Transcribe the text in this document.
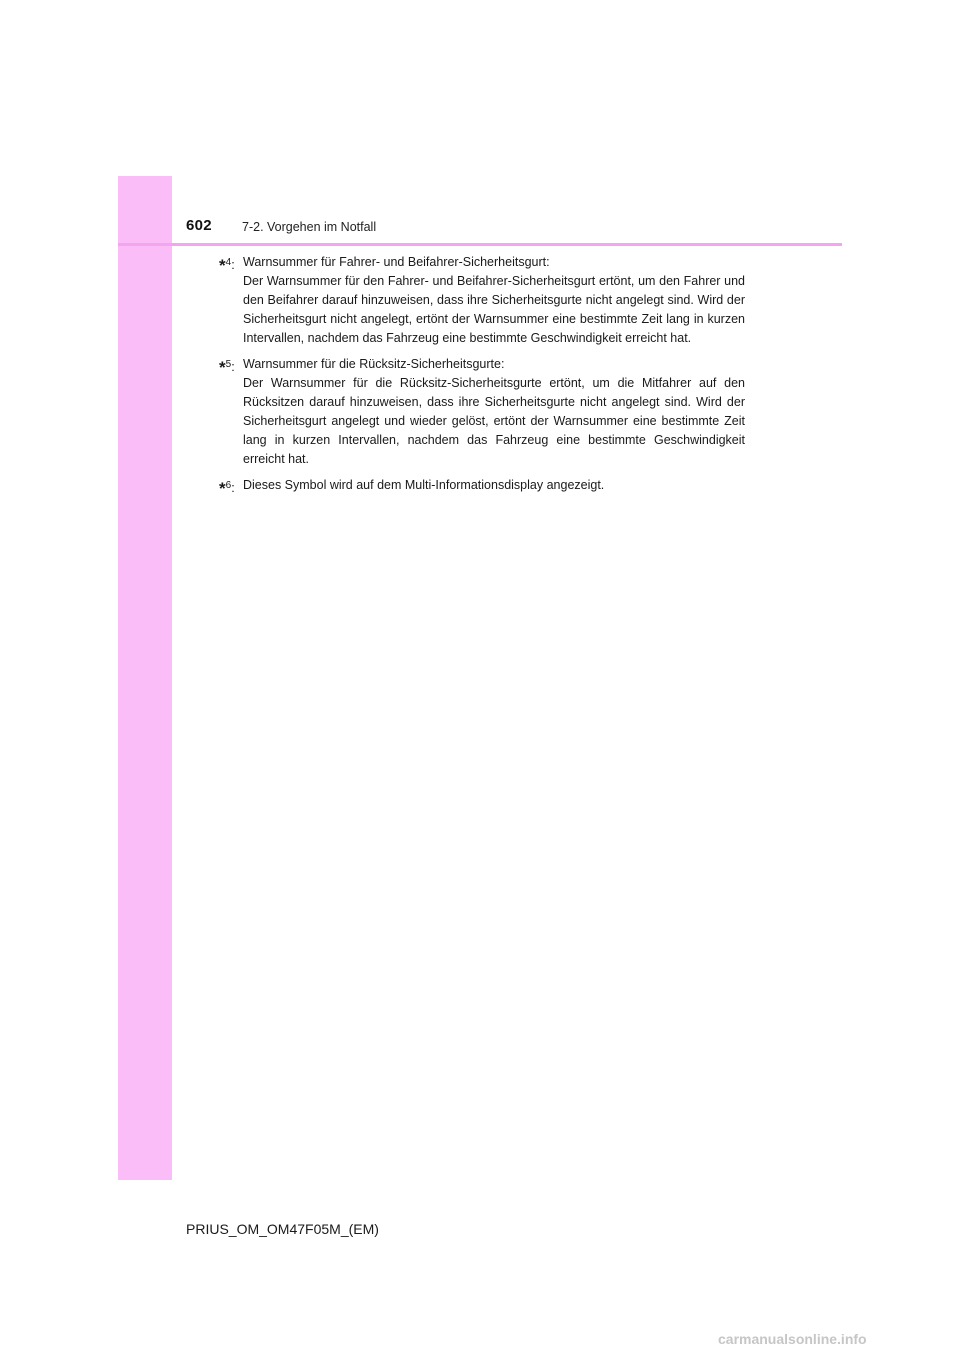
602 7-2. Vorgehen im Notfall
*$^4$: Warnsummer für Fahrer- und Beifahrer-Sicherheitsgurt:
Der Warnsummer für den Fahrer- und Beifahrer-Sicherheitsgurt ertönt, um den Fahrer und den Beifahrer darauf hinzuweisen, dass ihre Sicherheitsgurte nicht angelegt sind. Wird der Sicherheitsgurt nicht angelegt, ertönt der Warnsummer eine bestimmte Zeit lang in kurzen Intervallen, nachdem das Fahrzeug eine bestimmte Geschwindigkeit erreicht hat.
*$^5$: Warnsummer für die Rücksitz-Sicherheitsgurte:
Der Warnsummer für die Rücksitz-Sicherheitsgurte ertönt, um die Mitfahrer auf den Rücksitzen darauf hinzuweisen, dass ihre Sicherheitsgurte nicht angelegt sind. Wird der Sicherheitsgurt angelegt und wieder gelöst, ertönt der Warnsummer eine bestimmte Zeit lang in kurzen Intervallen, nachdem das Fahrzeug eine bestimmte Geschwindigkeit erreicht hat.
*$^6$: Dieses Symbol wird auf dem Multi-Informationsdisplay angezeigt.
PRIUS_OM_OM47F05M_(EM)
carmanualsonline.info
